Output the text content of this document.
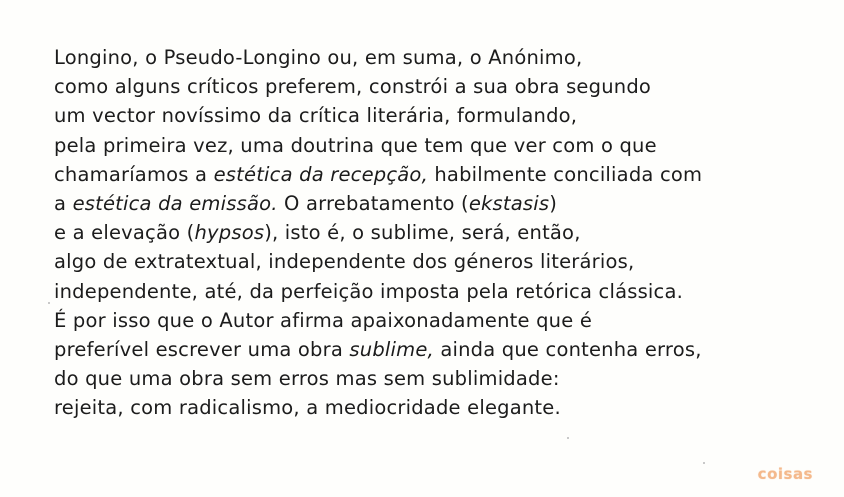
Longino, o Pseudo-Longino ou, em suma, o Anónimo,
como alguns críticos preferem, constrói a sua obra segundo
um vector novíssimo da crítica literária, formulando,
pela primeira vez, uma doutrina que tem que ver com o que
chamaríamos a estética da recepção, habilmente conciliada com
a estética da emissão. O arrebatamento (ekstasis)
e a elevação (hypsos), isto é, o sublime, será, então,
algo de extratextual, independente dos géneros literários,
independente, até, da perfeição imposta pela retórica clássica.
É por isso que o Autor afirma apaixonadamente que é
preferível escrever uma obra sublime, ainda que contenha erros,
do que uma obra sem erros mas sem sublimidade:
rejeita, com radicalismo, a mediocridade elegante.
coisas
